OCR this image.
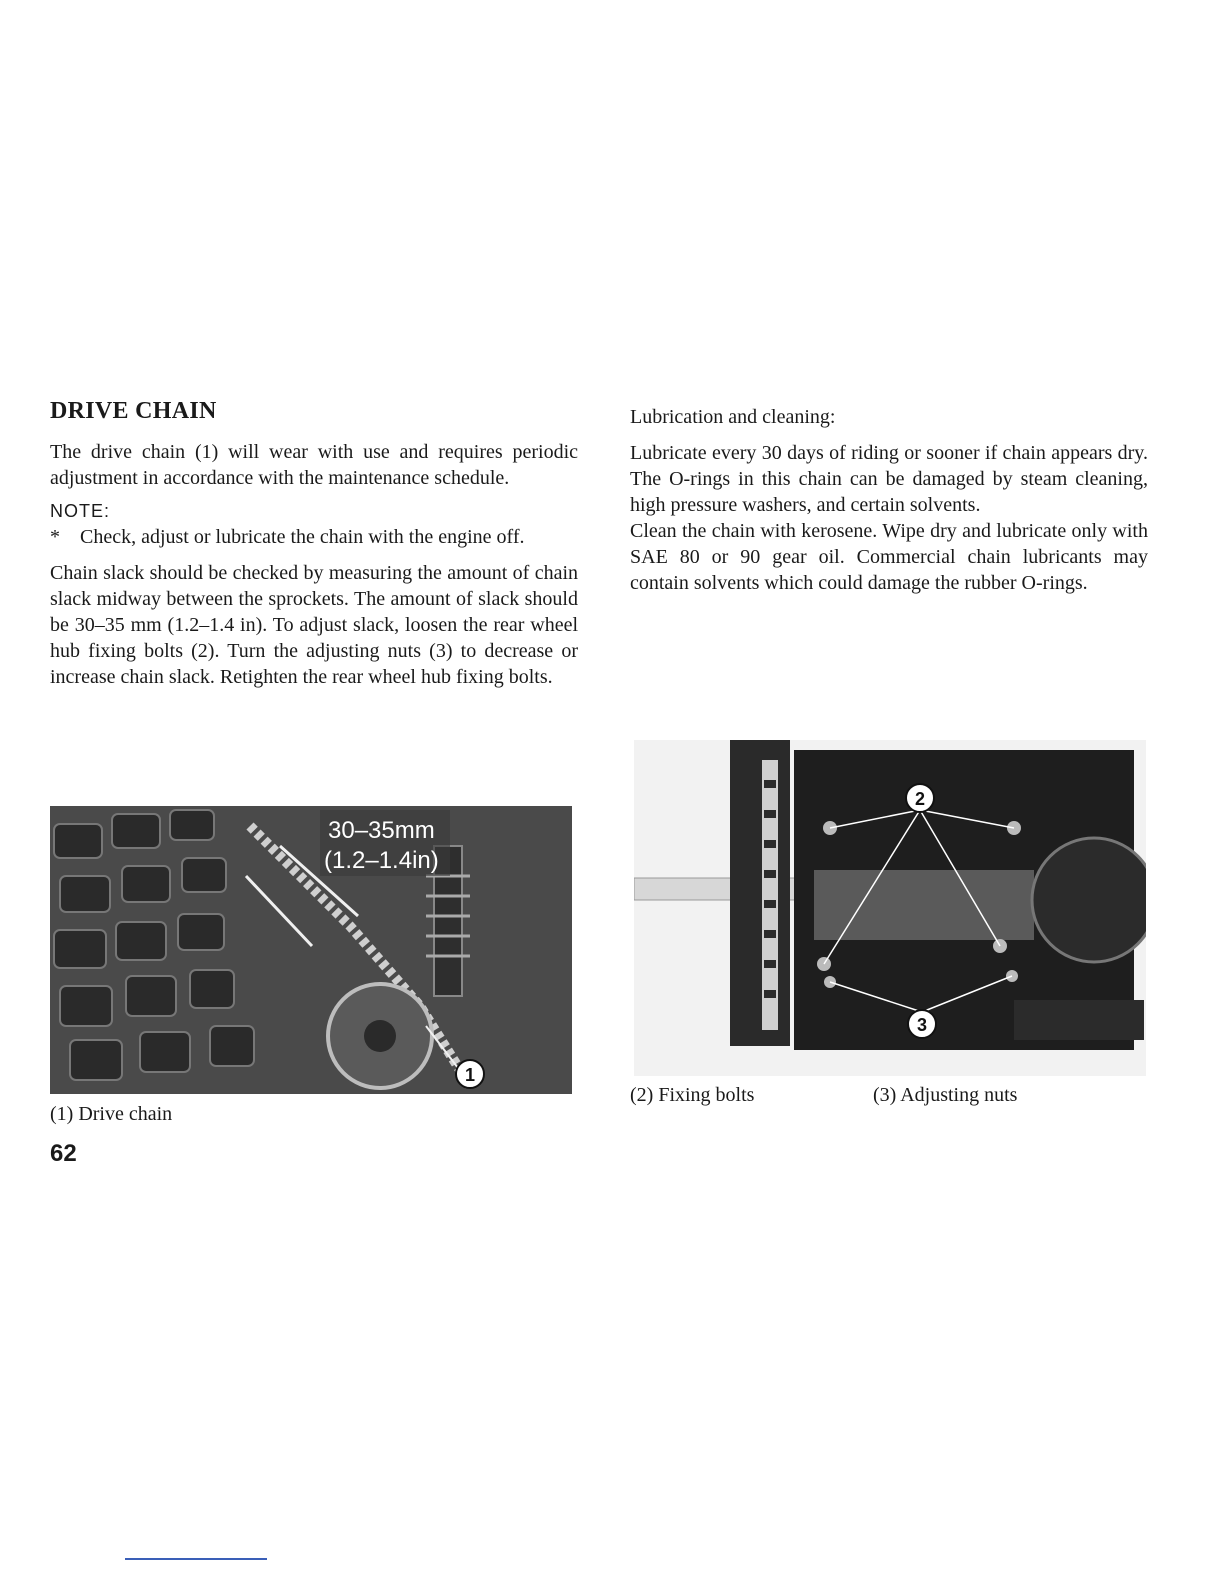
DRIVE CHAIN

The drive chain (1) will wear with use and requires periodic adjustment in accordance with the maintenance schedule.

NOTE:
* Check, adjust or lubricate the chain with the engine off.

Chain slack should be checked by measuring the amount of chain slack midway between the sprockets. The amount of slack should be 30–35 mm (1.2–1.4 in). To adjust slack, loosen the rear wheel hub fixing bolts (2). Turn the adjusting nuts (3) to decrease or increase chain slack. Retighten the rear wheel hub fixing bolts.

Lubrication and cleaning:

Lubricate every 30 days of riding or sooner if chain appears dry. The O-rings in this chain can be damaged by steam cleaning, high pressure washers, and certain solvents.

Clean the chain with kerosene. Wipe dry and lubricate only with SAE 80 or 90 gear oil. Commercial chain lubricants may contain solvents which could damage the rubber O-rings.

30–35mm
(1.2–1.4in)
1
2
3
(1) Drive chain
(2) Fixing bolts	(3) Adjusting nuts
62
